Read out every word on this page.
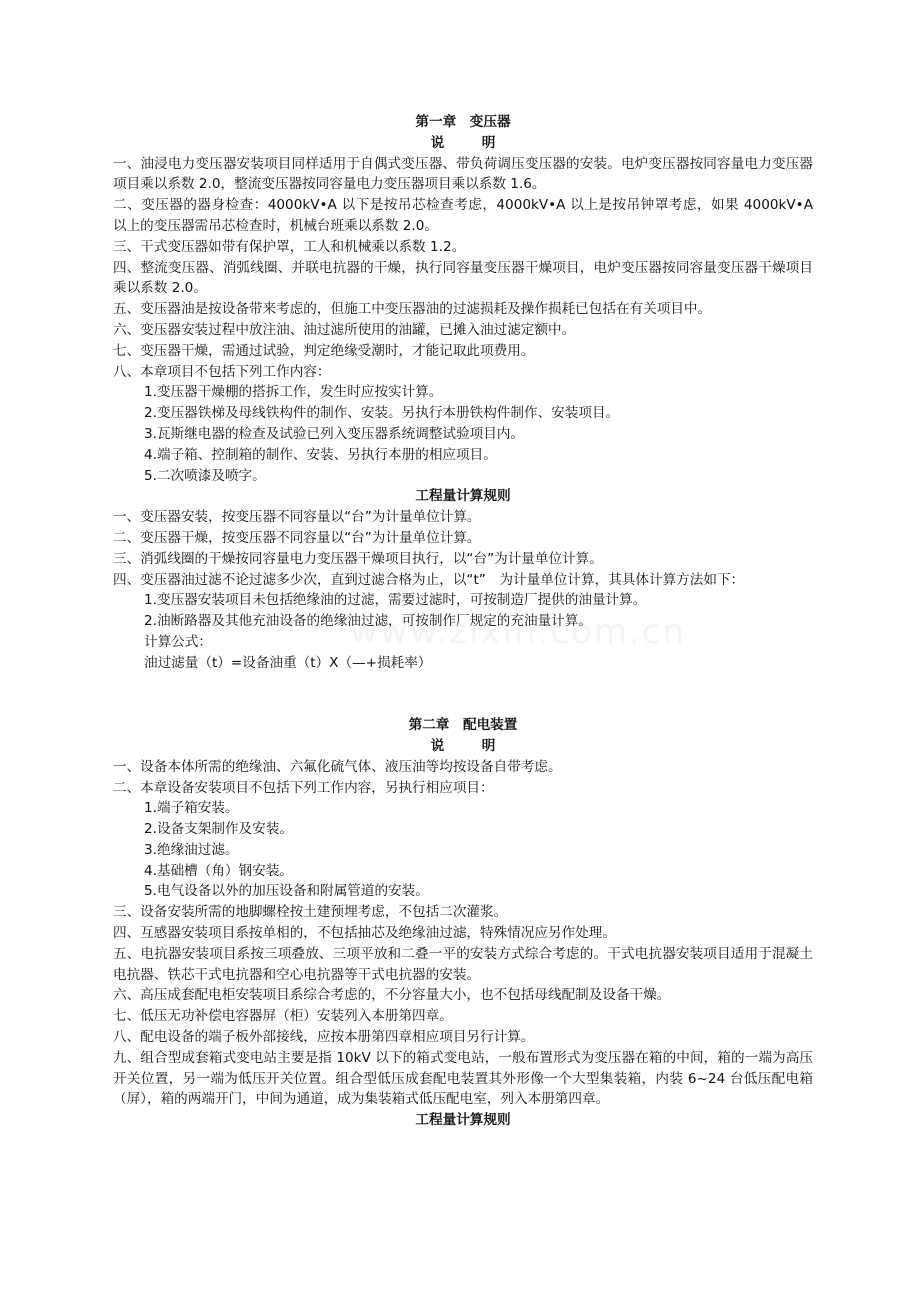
第一章　变压器
说　明

一、油浸电力变压器安装项目同样适用于自偶式变压器、带负荷调压变压器的安装。电炉变压器按同容量电力变压器项目乘以系数 2.0，整流变压器按同容量电力变压器项目乘以系数 1.6。

二、变压器的器身检查：4000kV•A 以下是按吊芯检查考虑，4000kV•A 以上是按吊钟罩考虑，如果 4000kV•A 以上的变压器需吊芯检查时，机械台班乘以系数 2.0。

三、干式变压器如带有保护罩，工人和机械乘以系数 1.2。

四、整流变压器、消弧线圈、并联电抗器的干燥，执行同容量变压器干燥项目，电炉变压器按同容量变压器干燥项目乘以系数 2.0。

五、变压器油是按设备带来考虑的，但施工中变压器油的过滤损耗及操作损耗已包括在有关项目中。

六、变压器安装过程中放注油、油过滤所使用的油罐，已摊入油过滤定额中。

七、变压器干燥，需通过试验，判定绝缘受潮时，才能记取此项费用。

八、本章项目不包括下列工作内容：

1.变压器干燥棚的搭拆工作，发生时应按实计算。

2.变压器铁梯及母线铁构件的制作、安装。另执行本册铁构件制作、安装项目。

3.瓦斯继电器的检查及试验已列入变压器系统调整试验项目内。

4.端子箱、控制箱的制作、安装、另执行本册的相应项目。

5.二次喷漆及喷字。

工程量计算规则

一、变压器安装，按变压器不同容量以“台”为计量单位计算。

二、变压器干燥，按变压器不同容量以“台”为计量单位计算。

三、消弧线圈的干燥按同容量电力变压器干燥项目执行，以“台”为计量单位计算。

四、变压器油过滤不论过滤多少次，直到过滤合格为止，以“t”　为计量单位计算，其具体计算方法如下：

1.变压器安装项目未包括绝缘油的过滤，需要过滤时，可按制造厂提供的油量计算。

2.油断路器及其他充油设备的绝缘油过滤，可按制作厂规定的充油量计算。

计算公式：

油过滤量（t）=设备油重（t）X（—+损耗率）

第二章　配电装置
说　明

一、设备本体所需的绝缘油、六氟化硫气体、液压油等均按设备自带考虑。

二、本章设备安装项目不包括下列工作内容，另执行相应项目：

1.端子箱安装。

2.设备支架制作及安装。

3.绝缘油过滤。

4.基础槽（角）钢安装。

5.电气设备以外的加压设备和附属管道的安装。

三、设备安装所需的地脚螺栓按土建预埋考虑，不包括二次灌浆。

四、互感器安装项目系按单相的，不包括抽芯及绝缘油过滤，特殊情况应另作处理。

五、电抗器安装项目系按三项叠放、三项平放和二叠一平的安装方式综合考虑的。干式电抗器安装项目适用于混凝土电抗器、铁芯干式电抗器和空心电抗器等干式电抗器的安装。

六、高压成套配电柜安装项目系综合考虑的，不分容量大小，也不包括母线配制及设备干燥。

七、低压无功补偿电容器屏（柜）安装列入本册第四章。

八、配电设备的端子板外部接线，应按本册第四章相应项目另行计算。

九、组合型成套箱式变电站主要是指 10kV 以下的箱式变电站，一般布置形式为变压器在箱的中间，箱的一端为高压开关位置，另一端为低压开关位置。组合型低压成套配电装置其外形像一个大型集装箱，内装 6~24 台低压配电箱（屏），箱的两端开门，中间为通道，成为集装箱式低压配电室，列入本册第四章。

工程量计算规则
